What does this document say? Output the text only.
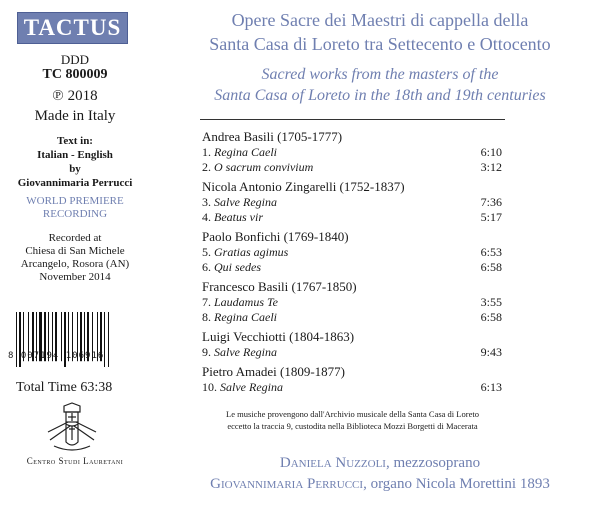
TACTUS
DDD
TC 800009
℗ 2018
Made in Italy
Text in:
Italian - English
by
Giovannimaria Perrucci
WORLD PREMIERE
RECORDING
Recorded at
Chiesa di San Michele
Arcangelo, Rosora (AN)
November 2014
8 007194 106916
Total Time 63:38
Centro Studi Lauretani
Opere Sacre dei Maestri di cappella della
Santa Casa di Loreto tra Settecento e Ottocento
Sacred works from the masters of the
Santa Casa of Loreto in the 18th and 19th centuries
Andrea Basili (1705-1777)
1. Regina Caeli	6:10
2. O sacrum convivium	3:12
Nicola Antonio Zingarelli (1752-1837)
3. Salve Regina	7:36
4. Beatus vir	5:17
Paolo Bonfichi (1769-1840)
5. Gratias agimus	6:53
6. Qui sedes	6:58
Francesco Basili (1767-1850)
7. Laudamus Te	3:55
8. Regina Caeli	6:58
Luigi Vecchiotti (1804-1863)
9. Salve Regina	9:43
Pietro Amadei (1809-1877)
10. Salve Regina	6:13
Le musiche provengono dall'Archivio musicale della Santa Casa di Loreto
eccetto la traccia 9, custodita nella Biblioteca Mozzi Borgetti di Macerata
Daniela Nuzzoli, mezzosoprano
Giovannimaria Perrucci, organo Nicola Morettini 1893
